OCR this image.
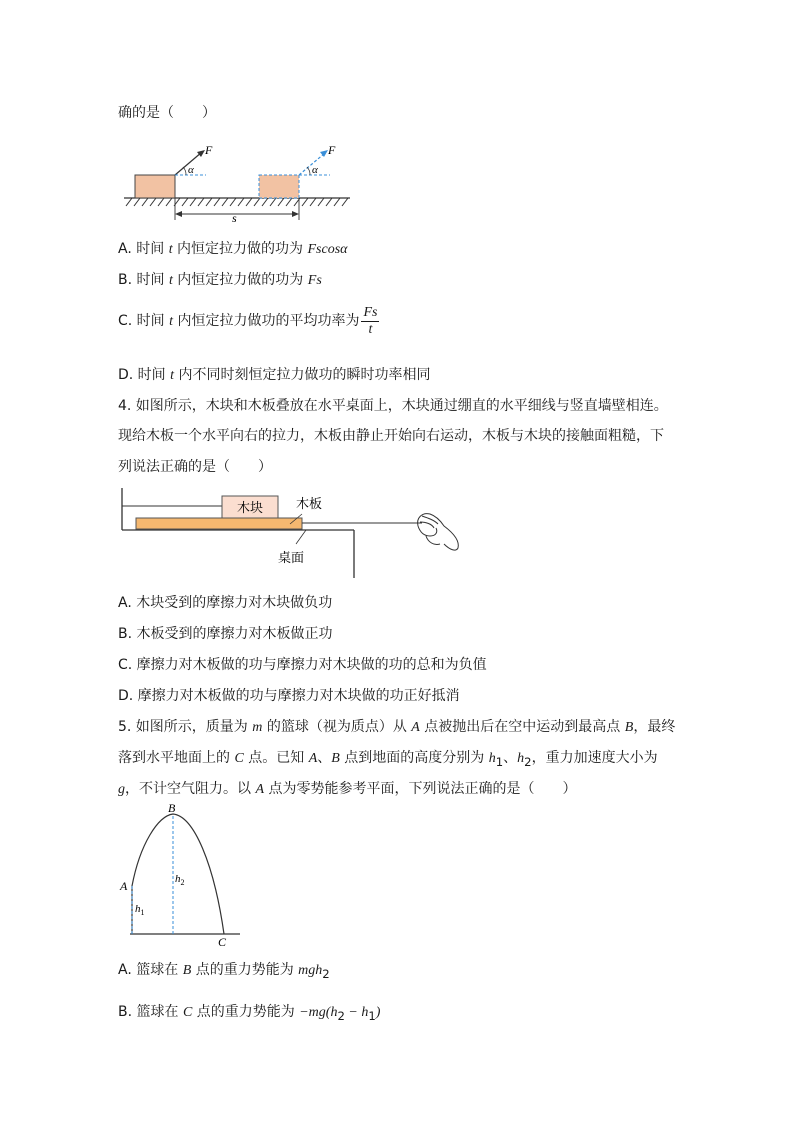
确的是（　　）
F
α
F
α
s
A. 时间 t 内恒定拉力做的功为 Fscosα
B. 时间 t 内恒定拉力做的功为 Fs
C. 时间 t 内恒定拉力做功的平均功率为 $\frac{Fs}{t}$
D. 时间 t 内不同时刻恒定拉力做功的瞬时功率相同
4. 如图所示，木块和木板叠放在水平桌面上，木块通过绷直的水平细线与竖直墙壁相连。
现给木板一个水平向右的拉力，木板由静止开始向右运动，木板与木块的接触面粗糙，下
列说法正确的是（　　）
木块	木板
桌面
A. 木块受到的摩擦力对木块做负功
B. 木板受到的摩擦力对木板做正功
C. 摩擦力对木板做的功与摩擦力对木块做的功的总和为负值
D. 摩擦力对木板做的功与摩擦力对木块做的功正好抵消
5. 如图所示，质量为 m 的篮球（视为质点）从 A 点被抛出后在空中运动到最高点 B，最终
落到水平地面上的 C 点。已知 A、B 点到地面的高度分别为 $h_1$、$h_2$，重力加速度大小为
g，不计空气阻力。以 A 点为零势能参考平面，下列说法正确的是（　　）
A
B
C
$h_1$
$h_2$
A. 篮球在 B 点的重力势能为 mgh$_2$
B. 篮球在 C 点的重力势能为 $-mg(h_2 - h_1)$
